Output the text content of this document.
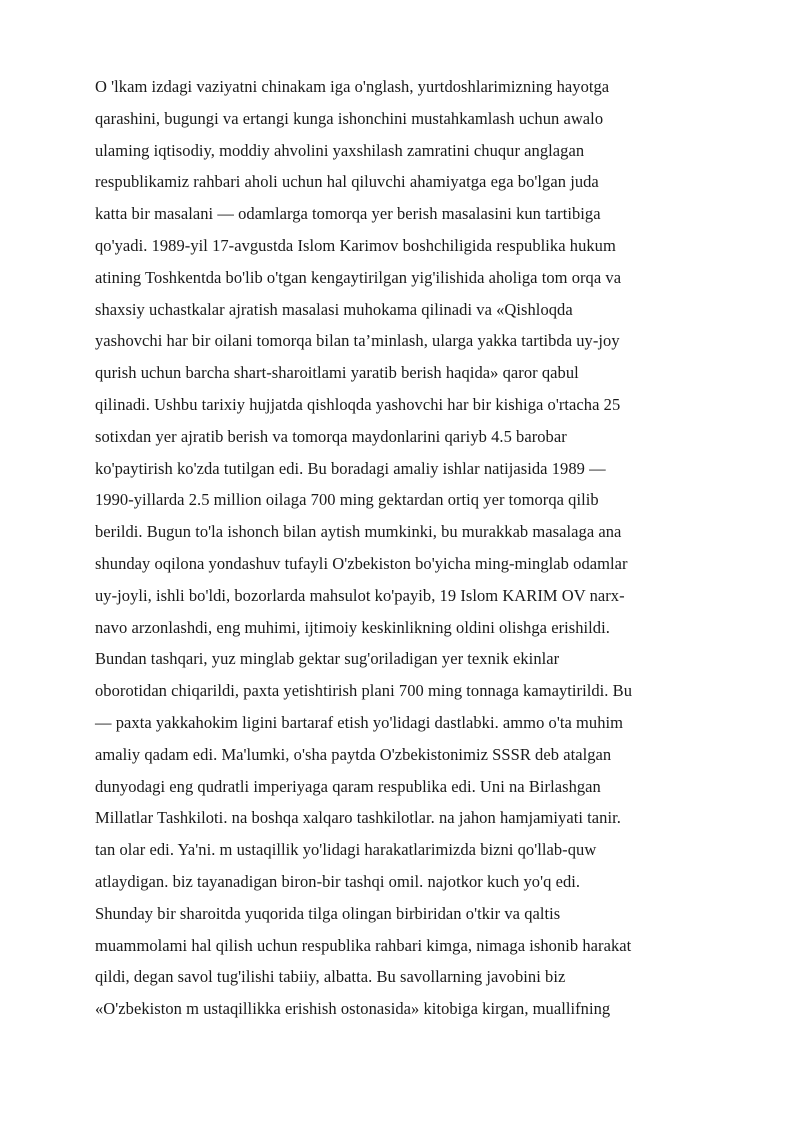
O 'lkam izdagi vaziyatni chinakam iga o'nglash, yurtdoshlarimizning hayotga
qarashini, bugungi va ertangi kunga ishonchini mustahkamlash uchun awalo
ulaming iqtisodiy, moddiy ahvolini yaxshilash zamratini chuqur anglagan
respublikamiz rahbari aholi uchun hal qiluvchi ahamiyatga ega bo'lgan juda
katta bir masalani — odamlarga tomorqa yer berish masalasini kun tartibiga
qo'yadi. 1989-yil 17-avgustda Islom Karimov boshchiligida respublika hukum
atining Toshkentda bo'lib o'tgan kengaytirilgan yig'ilishida aholiga tom orqa va
shaxsiy uchastkalar ajratish masalasi muhokama qilinadi va «Qishloqda
yashovchi har bir oilani tomorqa bilan ta’minlash, ularga yakka tartibda uy-joy
qurish uchun barcha shart-sharoitlami yaratib berish haqida» qaror qabul
qilinadi. Ushbu tarixiy hujjatda qishloqda yashovchi har bir kishiga o'rtacha 25
sotixdan yer ajratib berish va tomorqa maydonlarini qariyb 4.5 barobar
ko'paytirish ko'zda tutilgan edi. Bu boradagi amaliy ishlar natijasida 1989 —
1990-yillarda 2.5 million oilaga 700 ming gektardan ortiq yer tomorqa qilib
berildi. Bugun to'la ishonch bilan aytish mumkinki, bu murakkab masalaga ana
shunday oqilona yondashuv tufayli O'zbekiston bo'yicha ming-minglab odamlar
uy-joyli, ishli bo'ldi, bozorlarda mahsulot ko'payib, 19 Islom KARIM OV narx-
navo arzonlashdi, eng muhimi, ijtimoiy keskinlikning oldini olishga erishildi.
Bundan tashqari, yuz minglab gektar sug'oriladigan yer texnik ekinlar
oborotidan chiqarildi, paxta yetishtirish plani 700 ming tonnaga kamaytirildi. Bu
— paxta yakkahokim ligini bartaraf etish yo'lidagi dastlabki. ammo o'ta muhim
amaliy qadam edi. Ma'lumki, o'sha paytda O'zbekistonimiz SSSR deb atalgan
dunyodagi eng qudratli imperiyaga qaram respublika edi. Uni na Birlashgan
Millatlar Tashkiloti. na boshqa xalqaro tashkilotlar. na jahon hamjamiyati tanir.
tan olar edi. Ya'ni. m ustaqillik yo'lidagi harakatlarimizda bizni qo'llab-quw
atlaydigan. biz tayanadigan biron-bir tashqi omil. najotkor kuch yo'q edi.
Shunday bir sharoitda yuqorida tilga olingan birbiridan o'tkir va qaltis
muammolami hal qilish uchun respublika rahbari kimga, nimaga ishonib harakat
qildi, degan savol tug'ilishi tabiiy, albatta. Bu savollarning javobini biz
«O'zbekiston m ustaqillikka erishish ostonasida» kitobiga kirgan, muallifning
